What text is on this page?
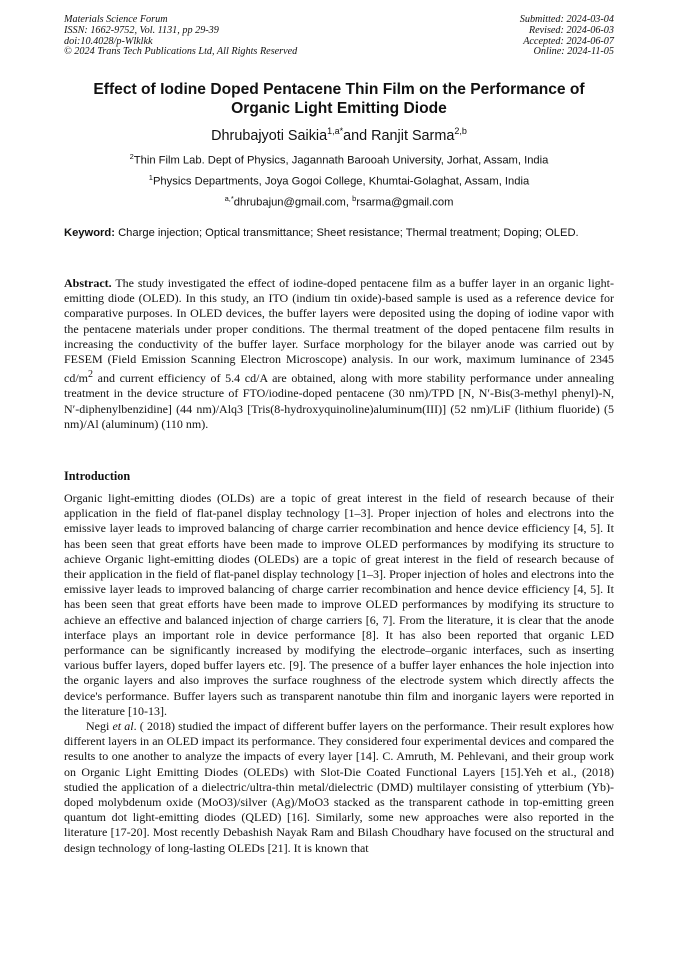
Materials Science Forum
ISSN: 1662-9752, Vol. 1131, pp 29-39
doi:10.4028/p-Wlklkk
© 2024 Trans Tech Publications Ltd, All Rights Reserved
Submitted: 2024-03-04
Revised: 2024-06-03
Accepted: 2024-06-07
Online: 2024-11-05
Effect of Iodine Doped Pentacene Thin Film on the Performance of Organic Light Emitting Diode
Dhrubajyoti Saikia$^{1,a*}$and Ranjit Sarma$^{2,b}$
$^2$Thin Film Lab. Dept of Physics, Jagannath Barooah University, Jorhat, Assam, India
$^1$Physics Departments, Joya Gogoi College, Khumtai-Golaghat, Assam, India
$^{a,*}$dhrubajun@gmail.com, $^b$rsarma@gmail.com
Keyword: Charge injection; Optical transmittance; Sheet resistance; Thermal treatment; Doping; OLED.

Abstract. The study investigated the effect of iodine-doped pentacene film as a buffer layer in an organic light-emitting diode (OLED). In this study, an ITO (indium tin oxide)-based sample is used as a reference device for comparative purposes. In OLED devices, the buffer layers were deposited using the doping of iodine vapor with the pentacene materials under proper conditions. The thermal treatment of the doped pentacene film results in increasing the conductivity of the buffer layer. Surface morphology for the bilayer anode was carried out by FESEM (Field Emission Scanning Electron Microscope) analysis. In our work, maximum luminance of 2345 $cd/m^2$ and current efficiency of 5.4 cd/A are obtained, along with more stability performance under annealing treatment in the device structure of FTO/iodine-doped pentacene (30 nm)/TPD [N, N′-Bis(3-methyl phenyl)-N, N′-diphenylbenzidine] (44 nm)/Alq3 [Tris(8-hydroxyquinoline)aluminum(III)] (52 nm)/LiF (lithium fluoride) (5 nm)/Al (aluminum) (110 nm).

Introduction

Organic light-emitting diodes (OLDs) are a topic of great interest in the field of research because of their application in the field of flat-panel display technology [1–3]. Proper injection of holes and electrons into the emissive layer leads to improved balancing of charge carrier recombination and hence device efficiency [4, 5]. It has been seen that great efforts have been made to improve OLED performances by modifying its structure to achieve Organic light-emitting diodes (OLEDs) are a topic of great interest in the field of research because of their application in the field of flat-panel display technology [1–3]. Proper injection of holes and electrons into the emissive layer leads to improved balancing of charge carrier recombination and hence device efficiency [4, 5]. It has been seen that great efforts have been made to improve OLED performances by modifying its structure to achieve an effective and balanced injection of charge carriers [6, 7]. From the literature, it is clear that the anode interface plays an important role in device performance [8]. It has also been reported that organic LED performance can be significantly increased by modifying the electrode–organic interfaces, such as inserting various buffer layers, doped buffer layers etc. [9]. The presence of a buffer layer enhances the hole injection into the organic layers and also improves the surface roughness of the electrode system which directly affects the device's performance. Buffer layers such as transparent nanotube thin film and inorganic layers were reported in the literature [10-13].

Negi et al. ( 2018) studied the impact of different buffer layers on the performance. Their result explores how different layers in an OLED impact its performance. They considered four experimental devices and compared the results to one another to analyze the impacts of every layer [14]. C. Amruth, M. Pehlevani, and their group work on Organic Light Emitting Diodes (OLEDs) with Slot-Die Coated Functional Layers [15].Yeh et al., (2018) studied the application of a dielectric/ultra-thin metal/dielectric (DMD) multilayer consisting of ytterbium (Yb)-doped molybdenum oxide (MoO3)/silver (Ag)/MoO3 stacked as the transparent cathode in top-emitting green quantum dot light-emitting diodes (QLED) [16]. Similarly, some new approaches were also reported in the literature [17-20]. Most recently Debashish Nayak Ram and Bilash Choudhary have focused on the structural and design technology of long-lasting OLEDs [21]. It is known that
